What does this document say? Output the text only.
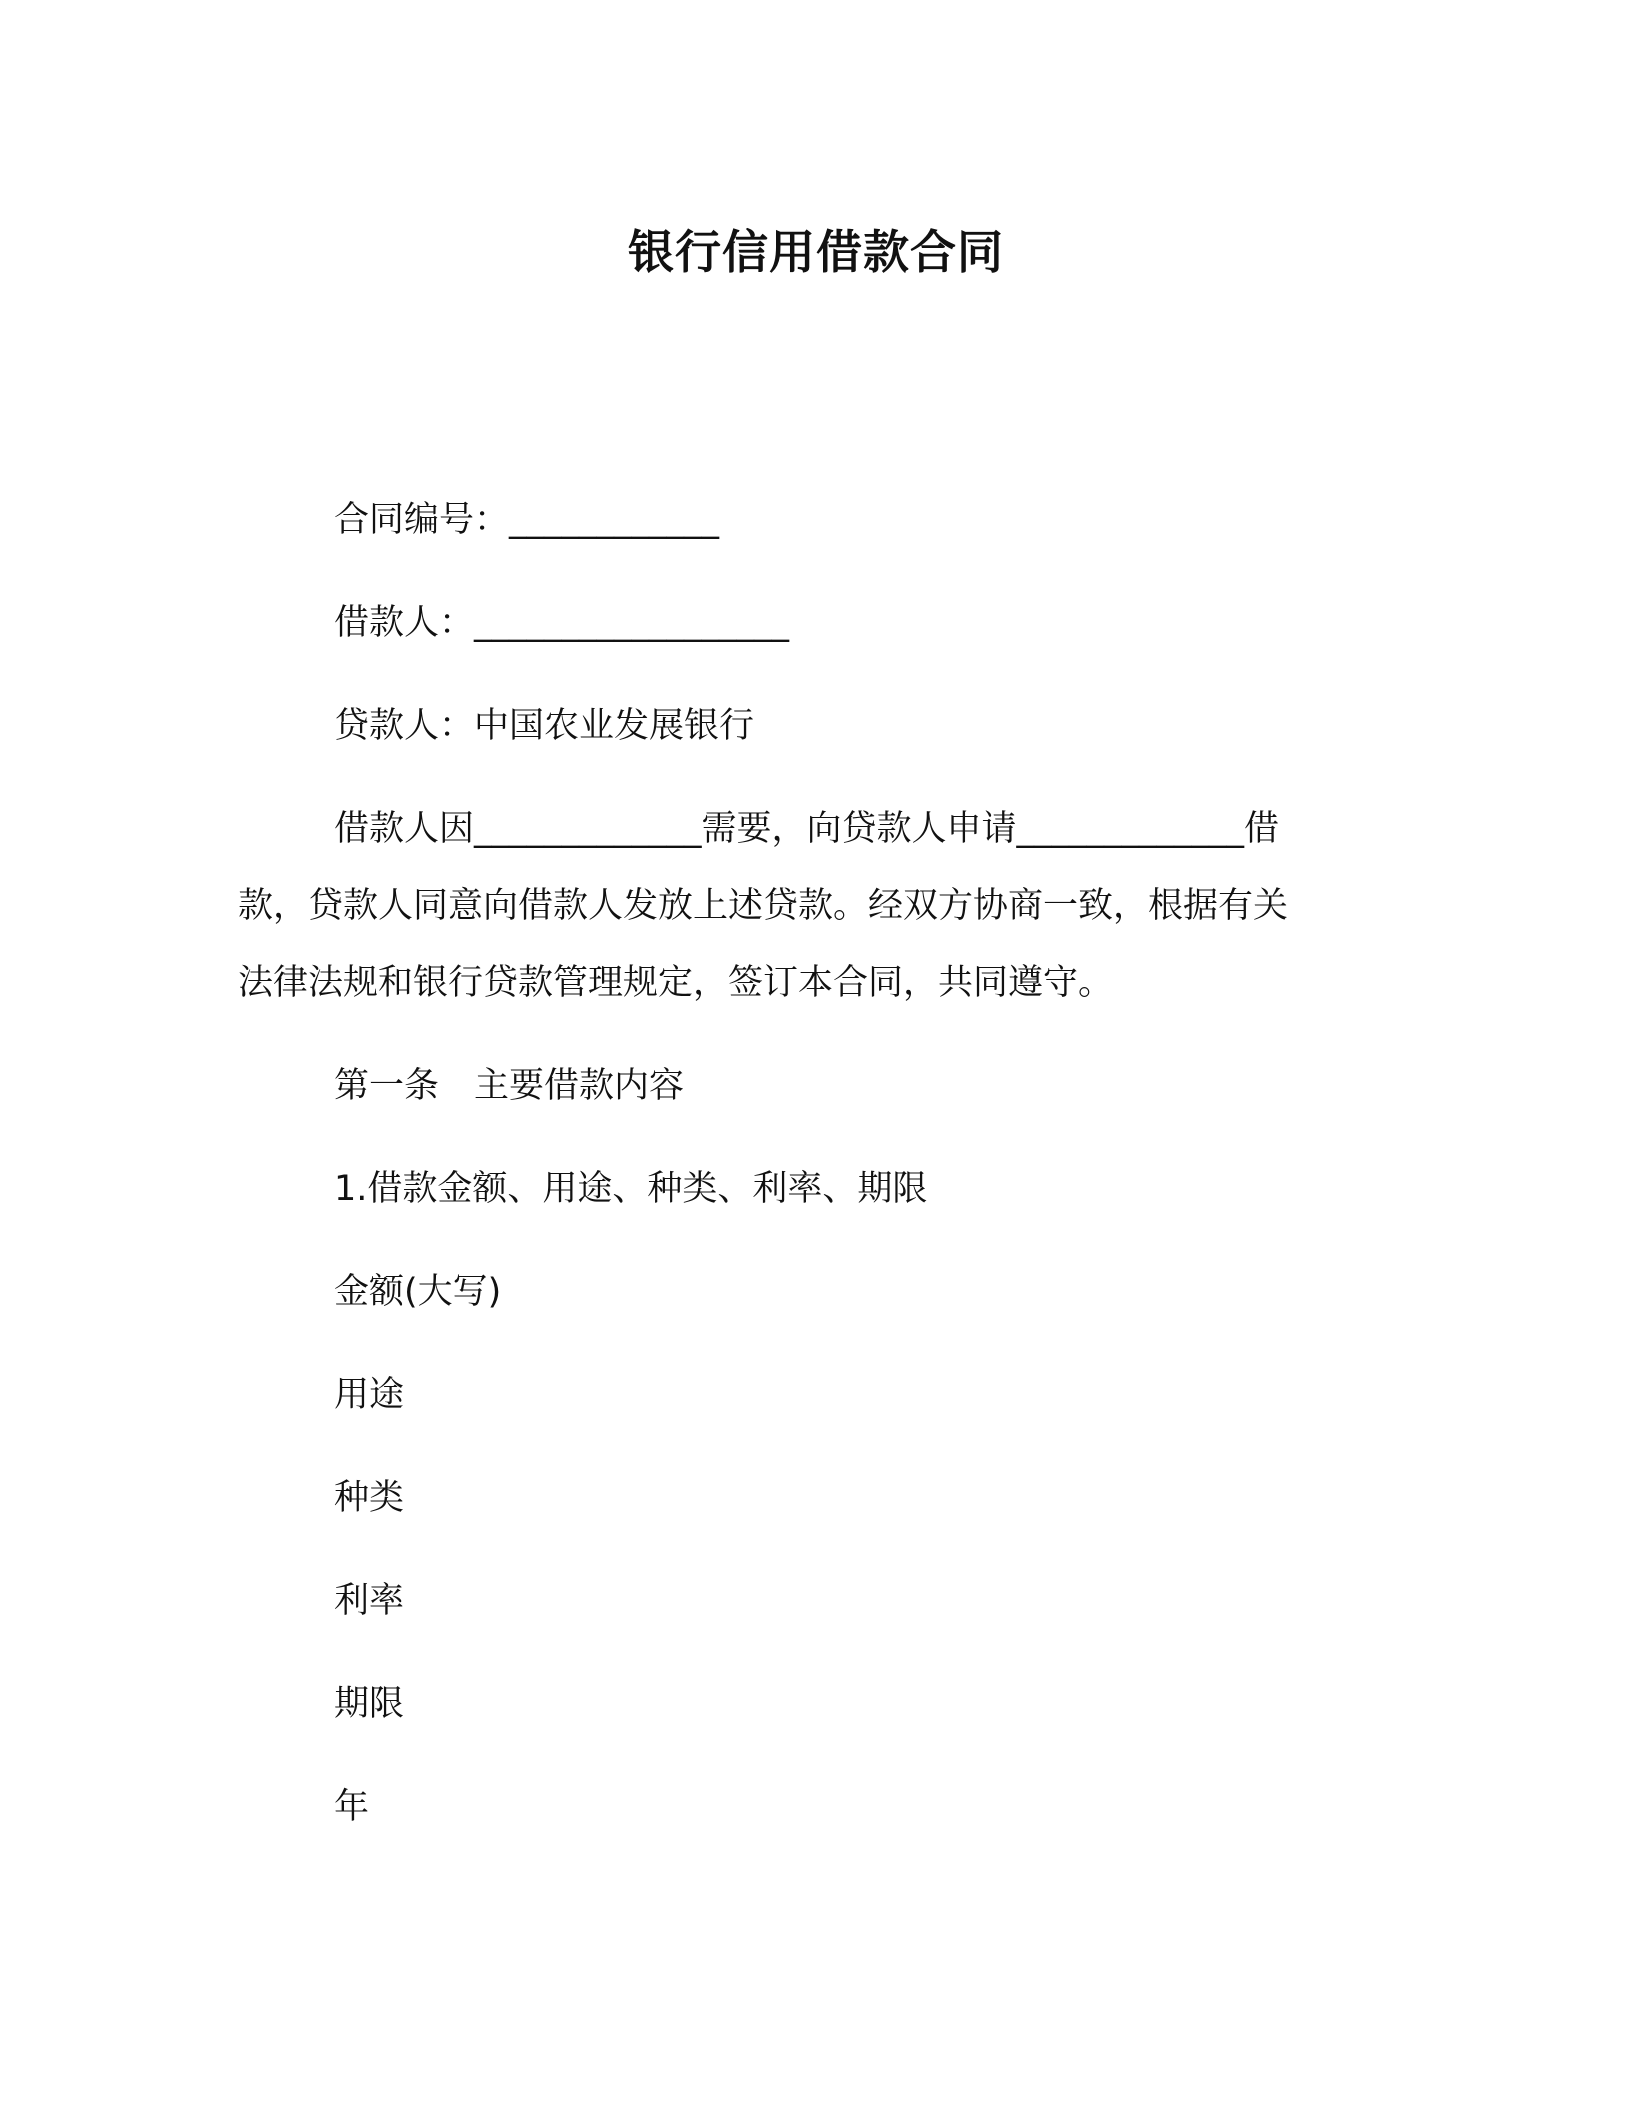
银行信用借款合同
合同编号：____________
借款人：__________________
贷款人：中国农业发展银行
借款人因_____________需要，向贷款人申请_____________借
款，贷款人同意向借款人发放上述贷款。经双方协商一致，根据有关
法律法规和银行贷款管理规定，签订本合同，共同遵守。
第一条　主要借款内容
1.借款金额、用途、种类、利率、期限
金额(大写)
用途
种类
利率
期限
年
